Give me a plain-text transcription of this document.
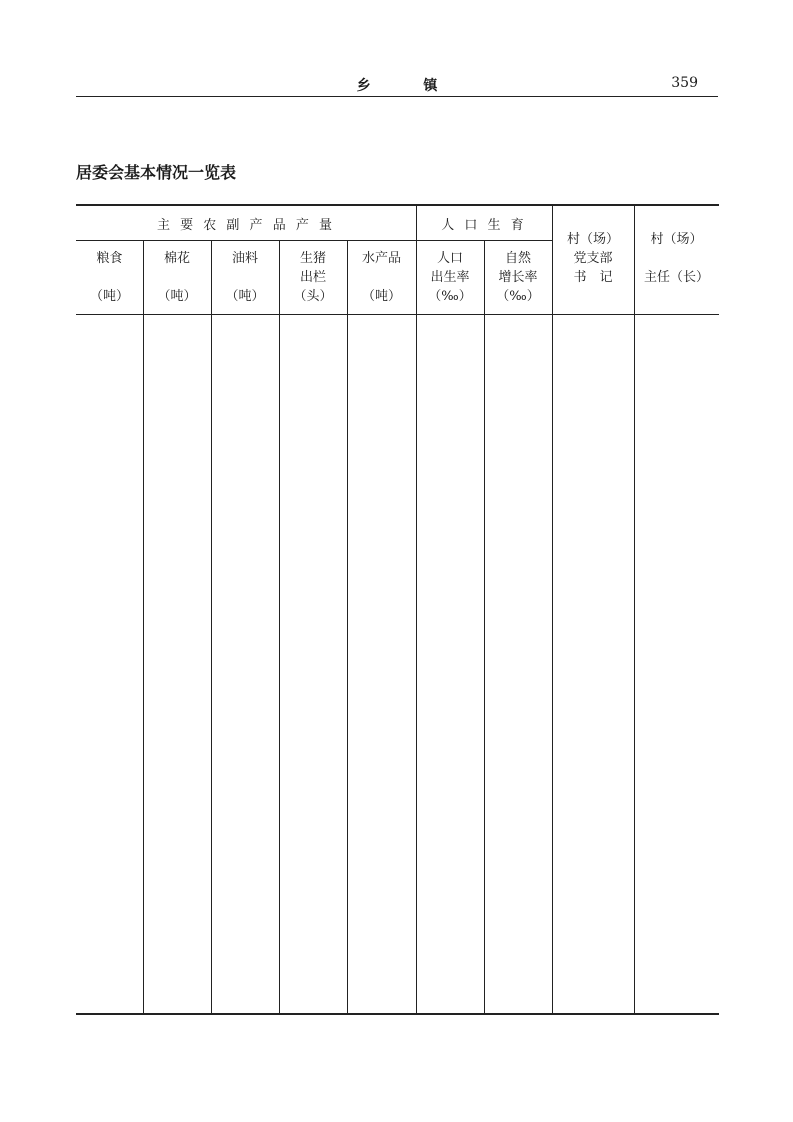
乡 镇	359
居委会基本情况一览表
主 要 农 副 产 品 产 量	人 口 生 育
粮食
（吨）
棉花
（吨）
油料
（吨）
生猪
出栏
（头）
水产品
（吨）
人口
出生率
（‰）
自然
增长率
（‰）
村（场）
党支部
书　记
村（场）
主任（长）
